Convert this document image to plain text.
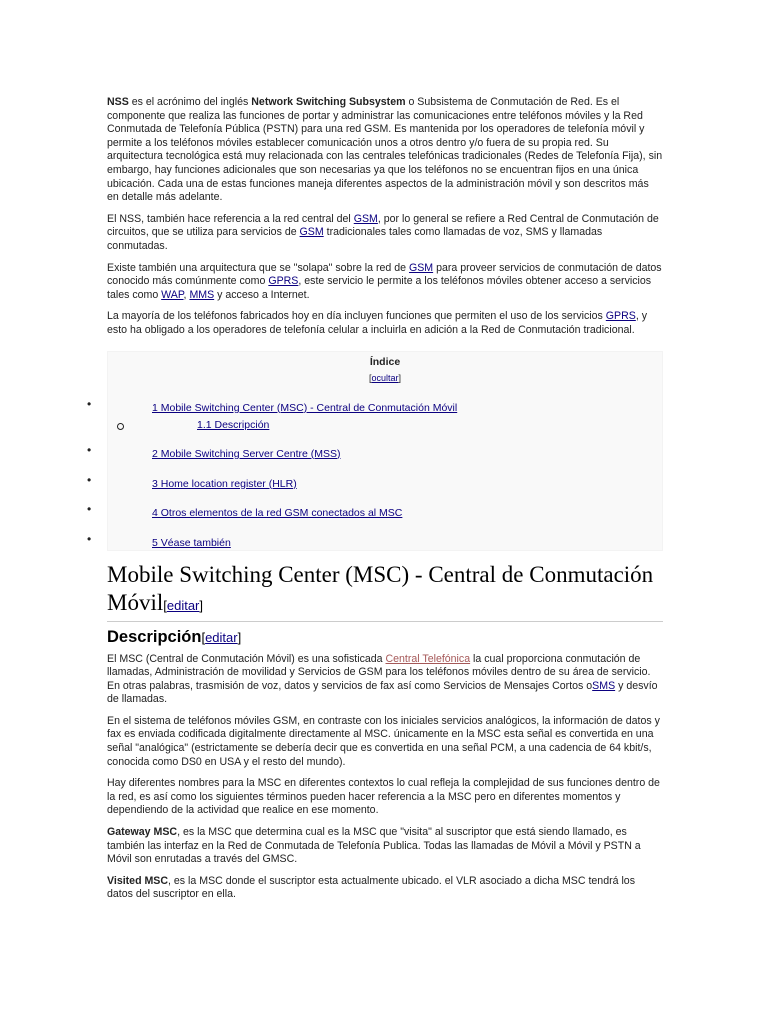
NSS es el acrónimo del inglés Network Switching Subsystem o Subsistema de Conmutación de Red. Es el componente que realiza las funciones de portar y administrar las comunicaciones entre teléfonos móviles y la Red Conmutada de Telefonía Pública (PSTN) para una red GSM. Es mantenida por los operadores de telefonía móvil y permite a los teléfonos móviles establecer comunicación unos a otros dentro y/o fuera de su propia red. Su arquitectura tecnológica está muy relacionada con las centrales telefónicas tradicionales (Redes de Telefonía Fija), sin embargo, hay funciones adicionales que son necesarias ya que los teléfonos no se encuentran fijos en una única ubicación. Cada una de estas funciones maneja diferentes aspectos de la administración móvil y son descritos más en detalle más adelante.

El NSS, también hace referencia a la red central del GSM, por lo general se refiere a Red Central de Conmutación de circuitos, que se utiliza para servicios de GSM tradicionales tales como llamadas de voz, SMS y llamadas conmutadas.

Existe también una arquitectura que se "solapa" sobre la red de GSM para proveer servicios de conmutación de datos conocido más comúnmente como GPRS, este servicio le permite a los teléfonos móviles obtener acceso a servicios tales como WAP, MMS y acceso a Internet.

La mayoría de los teléfonos fabricados hoy en día incluyen funciones que permiten el uso de los servicios GPRS, y esto ha obligado a los operadores de telefonía celular a incluirla en adición a la Red de Conmutación tradicional.

Índice
[ocultar]
•	1 Mobile Switching Center (MSC) - Central de Conmutación Móvil
1.1 Descripción
•	2 Mobile Switching Server Centre (MSS)
•	3 Home location register (HLR)
•	4 Otros elementos de la red GSM conectados al MSC
•	5 Véase también
Mobile Switching Center (MSC) - Central de Conmutación Móvil[editar]
Descripción[editar]

El MSC (Central de Conmutación Móvil) es una sofisticada Central Telefónica la cual proporciona conmutación de llamadas, Administración de movilidad y Servicios de GSM para los teléfonos móviles dentro de su área de servicio. En otras palabras, trasmisión de voz, datos y servicios de fax así como Servicios de Mensajes Cortos oSMS y desvío de llamadas.

En el sistema de teléfonos móviles GSM, en contraste con los iniciales servicios analógicos, la información de datos y fax es enviada codificada digitalmente directamente al MSC. únicamente en la MSC esta señal es convertida en una señal "analógica" (estrictamente se debería decir que es convertida en una señal PCM, a una cadencia de 64 kbit/s, conocida como DS0 en USA y el resto del mundo).

Hay diferentes nombres para la MSC en diferentes contextos lo cual refleja la complejidad de sus funciones dentro de la red, es así como los siguientes términos pueden hacer referencia a la MSC pero en diferentes momentos y dependiendo de la actividad que realice en ese momento.

Gateway MSC, es la MSC que determina cual es la MSC que "visita" al suscriptor que está siendo llamado, es también las interfaz en la Red de Conmutada de Telefonía Publica. Todas las llamadas de Móvil a Móvil y PSTN a Móvil son enrutadas a través del GMSC.

Visited MSC, es la MSC donde el suscriptor esta actualmente ubicado. el VLR asociado a dicha MSC tendrá los datos del suscriptor en ella.
